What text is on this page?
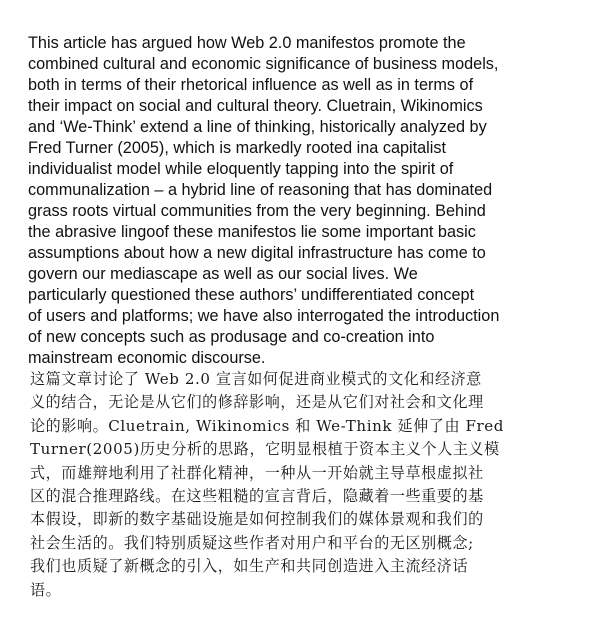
This article has argued how Web 2.0 manifestos promote the
combined cultural and economic significance of business models,
both in terms of their rhetorical influence as well as in terms of
their impact on social and cultural theory. Cluetrain, Wikinomics
and ‘We-Think’ extend a line of thinking, historically analyzed by
Fred Turner (2005), which is markedly rooted ina capitalist
individualist model while eloquently tapping into the spirit of
communalization – a hybrid line of reasoning that has dominated
grass roots virtual communities from the very beginning. Behind
the abrasive lingoof these manifestos lie some important basic
assumptions about how a new digital infrastructure has come to
govern our mediascape as well as our social lives. We
particularly questioned these authors’ undifferentiated concept
of users and platforms; we have also interrogated the introduction
of new concepts such as produsage and co-creation into
mainstream economic discourse.
这篇文章讨论了 Web 2.0 宣言如何促进商业模式的文化和经济意
义的结合，无论是从它们的修辞影响，还是从它们对社会和文化理
论的影响。Cluetrain, Wikinomics 和 We-Think 延伸了由 Fred
Turner(2005)历史分析的思路，它明显根植于资本主义个人主义模
式，而雄辩地利用了社群化精神，一种从一开始就主导草根虚拟社
区的混合推理路线。在这些粗糙的宣言背后，隐藏着一些重要的基
本假设，即新的数字基础设施是如何控制我们的媒体景观和我们的
社会生活的。我们特别质疑这些作者对用户和平台的无区别概念;
我们也质疑了新概念的引入，如生产和共同创造进入主流经济话
语。
